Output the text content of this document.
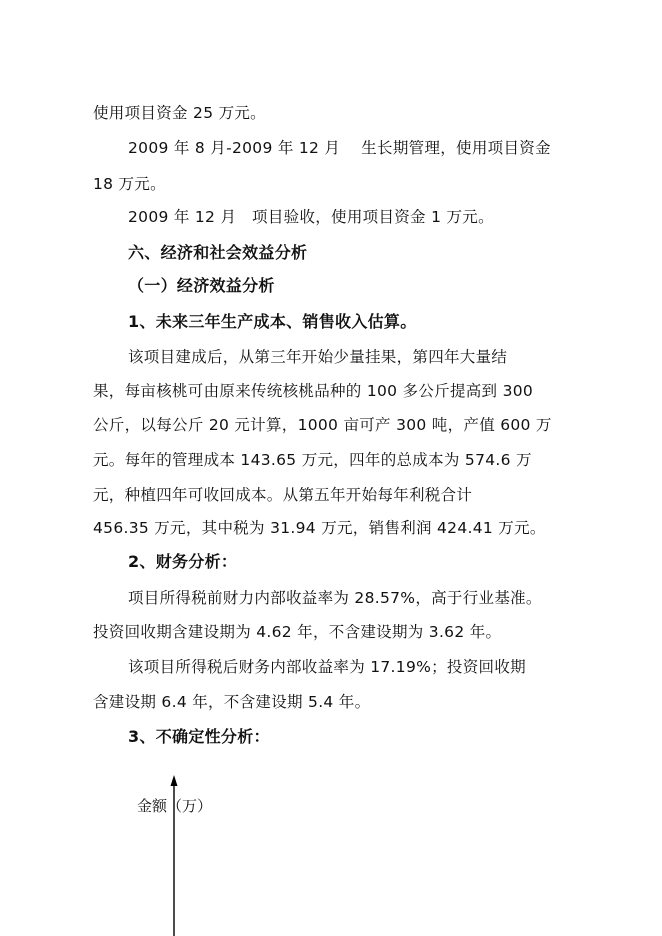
使用项目资金 25 万元。
2009 年 8 月-2009 年 12 月　 生长期管理，使用项目资金
18 万元。
2009 年 12 月　项目验收，使用项目资金 1 万元。
六、经济和社会效益分析
（一）经济效益分析
1、未来三年生产成本、销售收入估算。
该项目建成后，从第三年开始少量挂果，第四年大量结
果，每亩核桃可由原来传统核桃品种的 100 多公斤提高到 300
公斤，以每公斤 20 元计算，1000 亩可产 300 吨，产值 600 万
元。每年的管理成本 143.65 万元，四年的总成本为 574.6 万
元，种植四年可收回成本。从第五年开始每年利税合计
456.35 万元，其中税为 31.94 万元，销售利润 424.41 万元。
2、财务分析：
项目所得税前财力内部收益率为 28.57%，高于行业基准。
投资回收期含建设期为 4.62 年，不含建设期为 3.62 年。
该项目所得税后财务内部收益率为 17.19%；投资回收期
含建设期 6.4 年，不含建设期 5.4 年。
3、不确定性分析：
金额（万）
